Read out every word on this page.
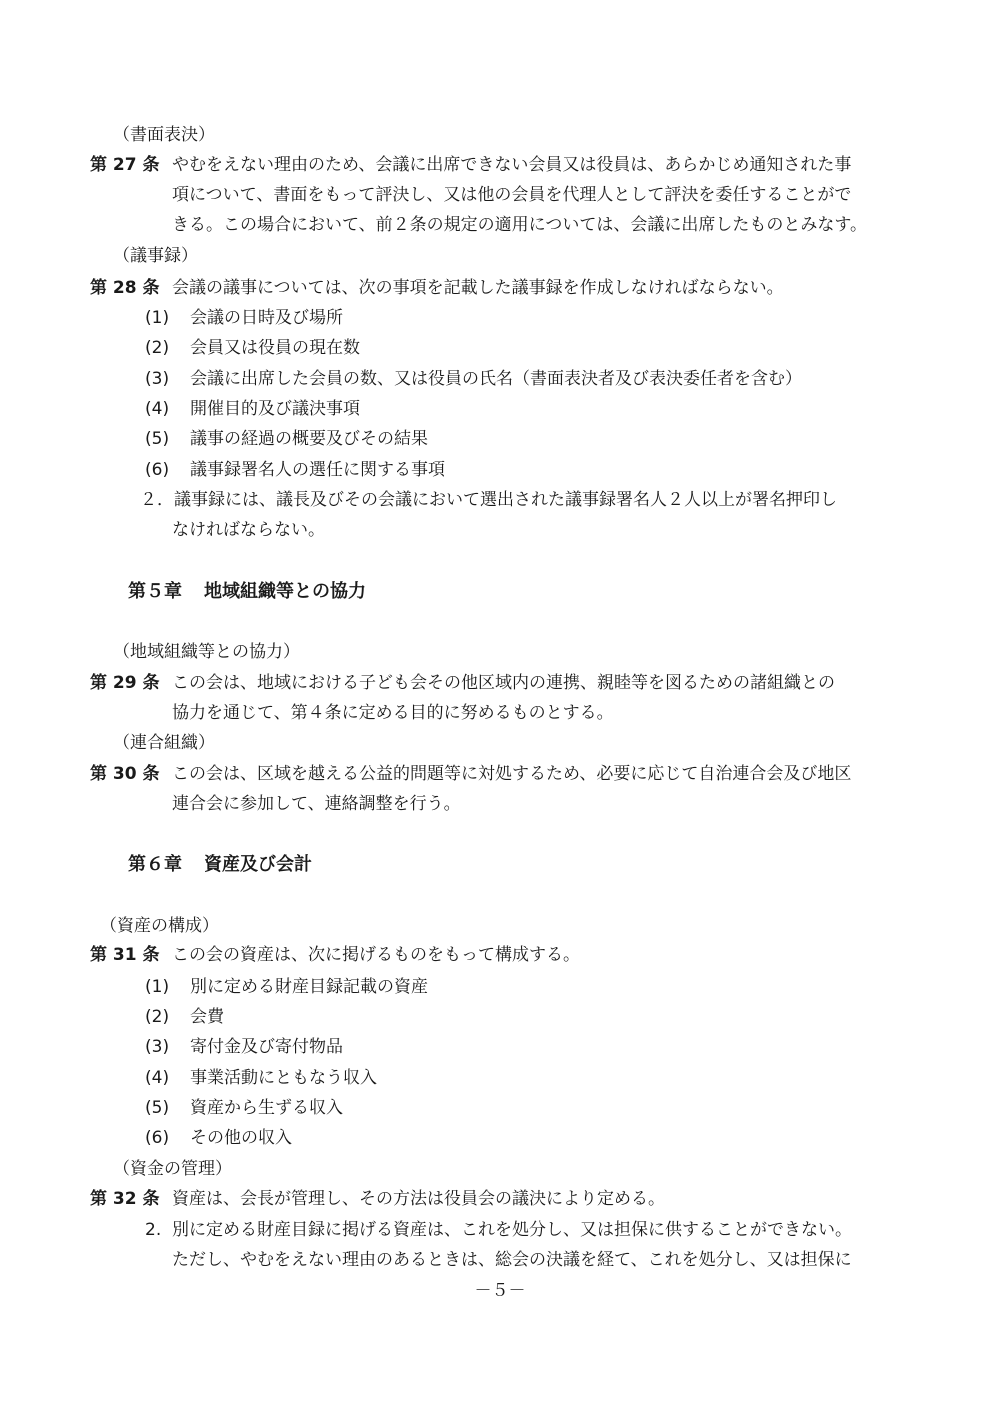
（書面表決）
第 27 条 やむをえない理由のため、会議に出席できない会員又は役員は、あらかじめ通知された事
項について、書面をもって評決し、又は他の会員を代理人として評決を委任することがで
きる。この場合において、前２条の規定の適用については、会議に出席したものとみなす。
（議事録）
第 28 条 会議の議事については、次の事項を記載した議事録を作成しなければならない。
(1) 会議の日時及び場所
(2) 会員又は役員の現在数
(3) 会議に出席した会員の数、又は役員の氏名（書面表決者及び表決委任者を含む）
(4) 開催目的及び議決事項
(5) 議事の経過の概要及びその結果
(6) 議事録署名人の選任に関する事項
２．議事録には、議長及びその会議において選出された議事録署名人２人以上が署名押印し
なければならない。
第５章 地域組織等との協力
（地域組織等との協力）
第 29 条 この会は、地域における子ども会その他区域内の連携、親睦等を図るための諸組織との
協力を通じて、第４条に定める目的に努めるものとする。
（連合組織）
第 30 条 この会は、区域を越える公益的問題等に対処するため、必要に応じて自治連合会及び地区
連合会に参加して、連絡調整を行う。
第６章 資産及び会計
（資産の構成）
第 31 条 この会の資産は、次に掲げるものをもって構成する。
(1) 別に定める財産目録記載の資産
(2) 会費
(3) 寄付金及び寄付物品
(4) 事業活動にともなう収入
(5) 資産から生ずる収入
(6) その他の収入
（資金の管理）
第 32 条 資産は、会長が管理し、その方法は役員会の議決により定める。
2. 別に定める財産目録に掲げる資産は、これを処分し、又は担保に供することができない。
ただし、やむをえない理由のあるときは、総会の決議を経て、これを処分し、又は担保に
－５－
